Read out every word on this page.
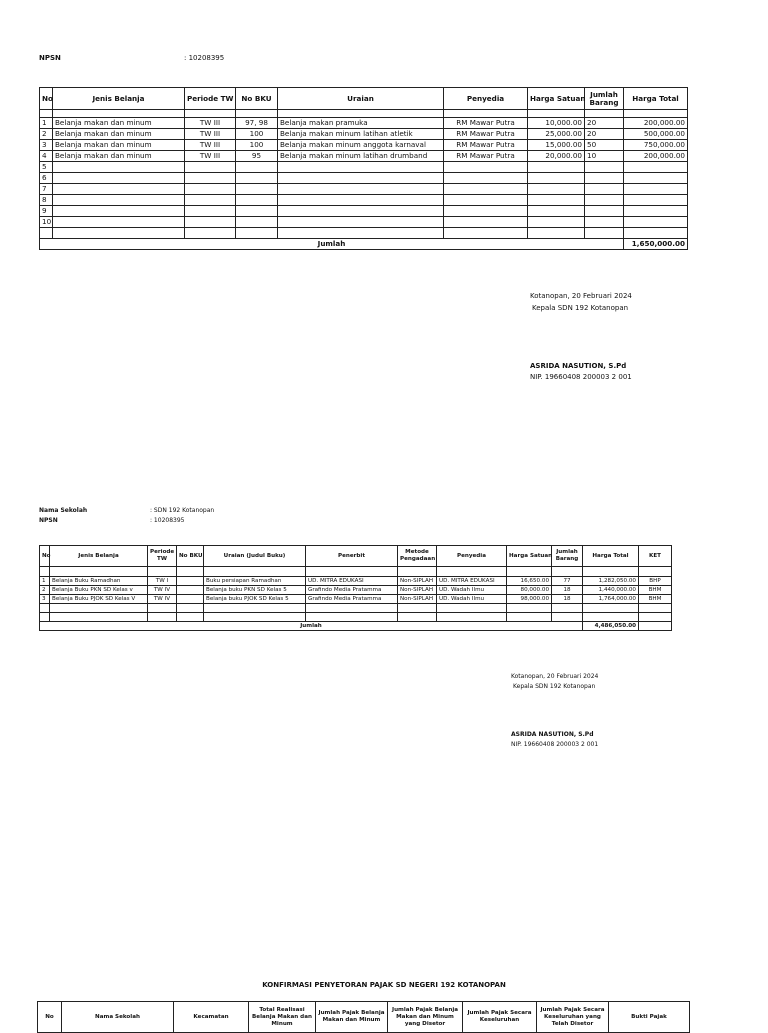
NPSN	: 10208395
No	Jenis Belanja	Periode TW	No BKU	Uraian	Penyedia	Harga Satuan	Jumlah Barang	Harga Total

1	Belanja makan dan minum	TW III	97, 98	Belanja makan pramuka	RM Mawar Putra	10,000.00	20	200,000.00
2	Belanja makan dan minum	TW III	100	Belanja makan minum latihan atletik	RM Mawar Putra	25,000.00	20	500,000.00
3	Belanja makan dan minum	TW III	100	Belanja makan minum anggota karnaval	RM Mawar Putra	15,000.00	50	750,000.00
4	Belanja makan dan minum	TW III	95	Belanja makan minum latihan drumband	RM Mawar Putra	20,000.00	10	200,000.00
5								
6								
7								
8								
9								
10								

Jumlah								1,650,000.00
Kotanopan, 20 Februari 2024
Kepala SDN 192 Kotanopan
ASRIDA NASUTION, S.Pd
NIP. 19660408 200003 2 001
Nama Sekolah	: SDN 192 Kotanopan
NPSN	: 10208395
No	Jenis Belanja	Periode TW	No BKU	Uraian (Judul Buku)	Penerbit	Metode Pengadaan	Penyedia	Harga Satuan	Jumlah Barang	Harga Total	KET

1	Belanja Buku Ramadhan	TW I		Buku persiapan Ramadhan	UD. MITRA EDUKASI	Non-SIPLAH	UD. MITRA EDUKASI	16,650.00	77	1,282,050.00	BHP
2	Belanja Buku PKN SD Kelas v	TW IV		Belanja buku PKN SD Kelas 5	Grafindo Media Pratamma	Non-SIPLAH	UD. Wadah Ilmu	80,000.00	18	1,440,000.00	BHM
3	Belanja Buku PJOK SD Kelas V	TW IV		Belanja buku PJOK SD Kelas 5	Grafindo Media Pratamma	Non-SIPLAH	UD. Wadah Ilmu	98,000.00	18	1,764,000.00	BHM

Jumlah										4,486,050.00	
Kotanopan, 20 Februari 2024
Kepala SDN 192 Kotanopan
ASRIDA NASUTION, S.Pd
NIP. 19660408 200003 2 001
KONFIRMASI PENYETORAN PAJAK SD NEGERI 192 KOTANOPAN
No	Nama Sekolah	Kecamatan	Total Realisasi Belanja Makan dan Minum	Jumlah Pajak Belanja Makan dan Minum	Jumlah Pajak Belanja Makan dan Minum yang Disetor	Jumlah Pajak Secara Keseluruhan	Jumlah Pajak Secara Keseluruhan yang Telah Disetor	Bukti Pajak
